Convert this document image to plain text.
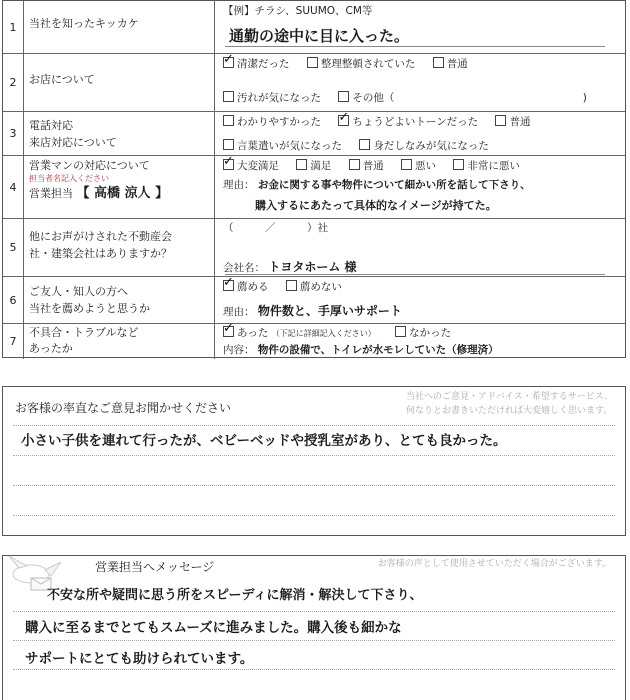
1	当社を知ったキッカケ
【例】チラシ、SUUMO、CM等
通勤の途中に目に入った。
2	お店について
✓清潔だった	整理整頓されていた	普通
汚れが気になった	その他（	)
3
電話対応
来店対応について
わかりやすかった ✓	ちょうどよいトーンだった	普通
言葉遣いが気になった	身だしなみが気になった
4
営業マンの対応について
担当者名記入ください
営業担当 【 高橋 涼人 】
✓大変満足	満足	普通	悪い	非常に悪い
理由： お金に関する事や物件について細かい所を話して下さり、
購入するにあたって具体的なイメージが持てた。
5
他にお声がけされた不動産会
社・建築会社はありますか？
（　　　／　　　）社
会社名： トヨタホーム 様
6
ご友人・知人の方へ
当社を薦めようと思うか
✓薦める	薦めない
理由： 物件数と、手厚いサポート
7
不具合・トラブルなど
あったか
✓あった （下記に詳細記入ください）	なかった
内容： 物件の設備で、トイレが水モレしていた（修理済）
お客様の率直なご意見お聞かせください
当社へのご意見・アドバイス・希望するサービス、
何なりとお書きいただければ大変嬉しく思います。
小さい子供を連れて行ったが、ベビーベッドや授乳室があり、とても良かった。
営業担当へメッセージ	お客様の声として使用させていただく場合がございます。
不安な所や疑問に思う所をスピーディに解消・解決して下さり、
購入に至るまでとてもスムーズに進みました。購入後も細かな
サポートにとても助けられています。
